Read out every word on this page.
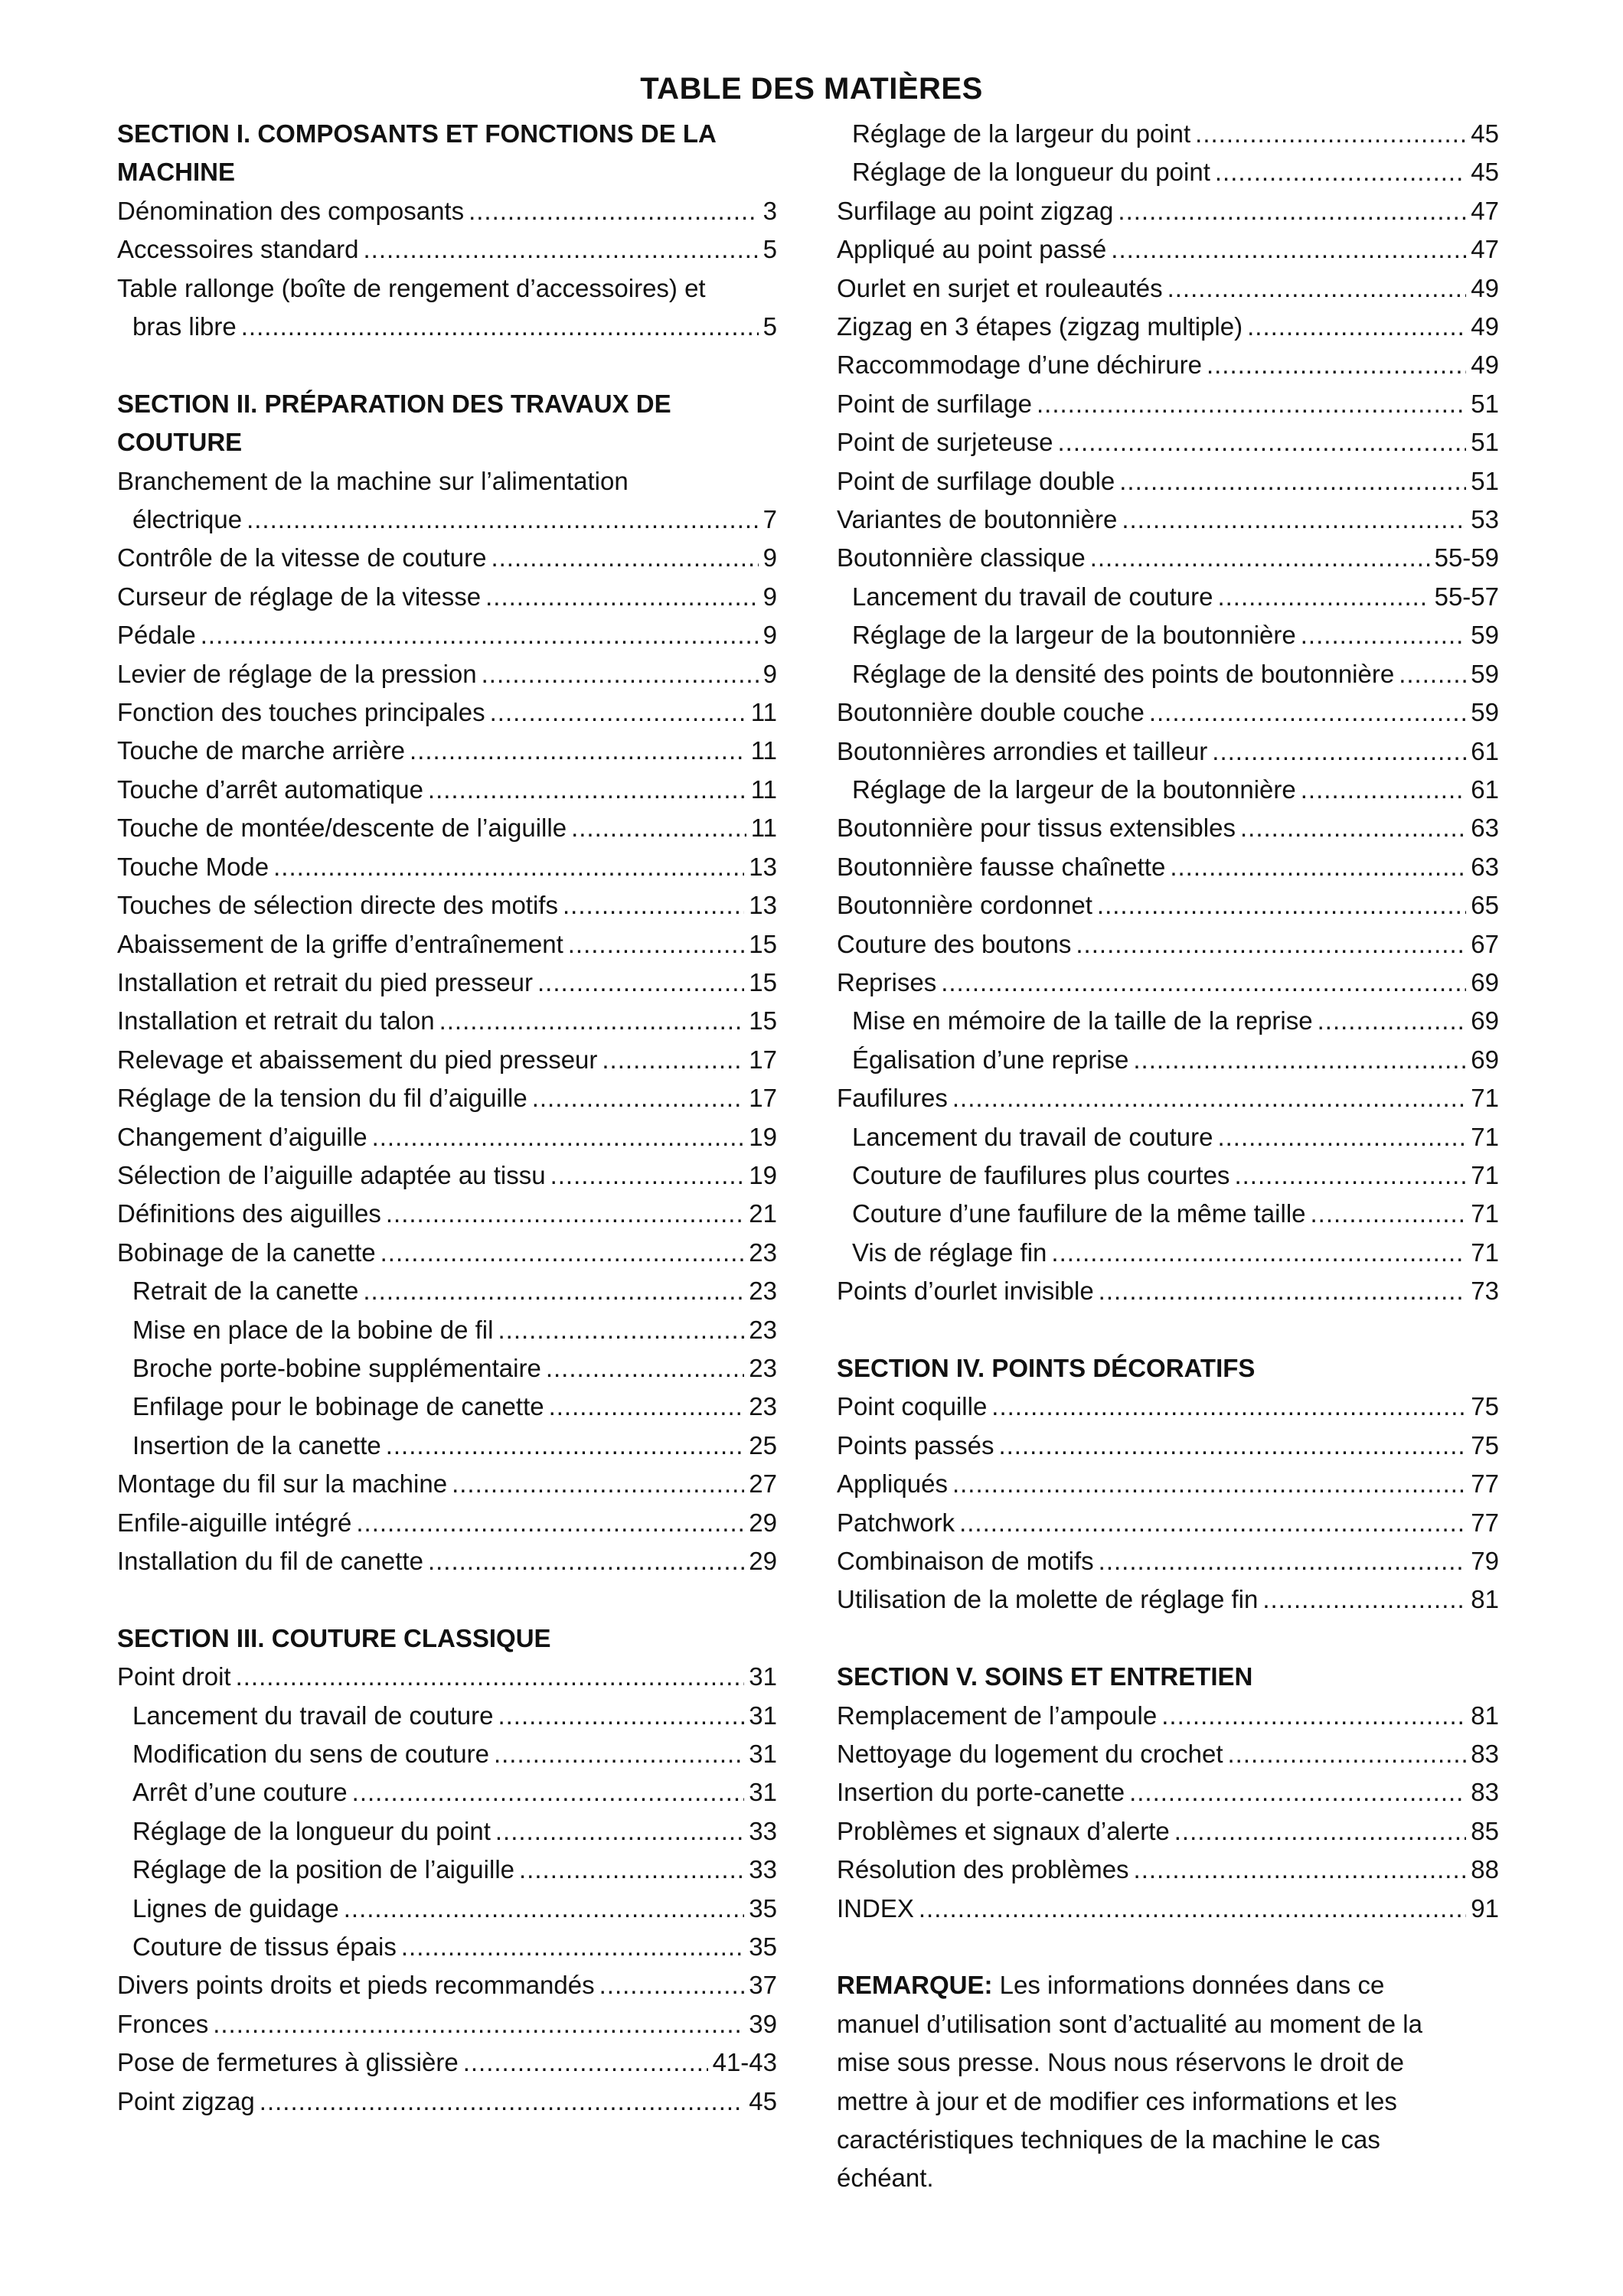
TABLE DES MATIÈRES
SECTION I. COMPOSANTS ET FONCTIONS DE LA
MACHINE
Dénomination des composants .....	3
Accessoires standard .....	5
Table rallonge (boîte de rengement d’accessoires) et
bras libre .....	5
SECTION II. PRÉPARATION DES TRAVAUX DE
COUTURE
Branchement de la machine sur l’alimentation
électrique .....	7
Contrôle de la vitesse de couture .....	9
Curseur de réglage de la vitesse .....	9
Pédale .....	9
Levier de réglage de la pression .....	9
Fonction des touches principales .....	11
Touche de marche arrière .....	11
Touche d’arrêt automatique .....	11
Touche de montée/descente de l’aiguille .....	11
Touche Mode .....	13
Touches de sélection directe des motifs .....	13
Abaissement de la griffe d’entraînement .....	15
Installation et retrait du pied presseur .....	15
Installation et retrait du talon .....	15
Relevage et abaissement du pied presseur .....	17
Réglage de la tension du fil d’aiguille .....	17
Changement d’aiguille .....	19
Sélection de l’aiguille adaptée au tissu .....	19
Définitions des aiguilles .....	21
Bobinage de la canette .....	23
Retrait de la canette .....	23
Mise en place de la bobine de fil .....	23
Broche porte-bobine supplémentaire .....	23
Enfilage pour le bobinage de canette .....	23
Insertion de la canette .....	25
Montage du fil sur la machine .....	27
Enfile-aiguille intégré .....	29
Installation du fil de canette .....	29
SECTION III. COUTURE CLASSIQUE
Point droit .....	31
Lancement du travail de couture .....	31
Modification du sens de couture .....	31
Arrêt d’une couture .....	31
Réglage de la longueur du point .....	33
Réglage de la position de l’aiguille .....	33
Lignes de guidage .....	35
Couture de tissus épais .....	35
Divers points droits et pieds recommandés .....	37
Fronces .....	39
Pose de fermetures à glissière .....	41-43
Point zigzag .....	45
Réglage de la largeur du point .....	45
Réglage de la longueur du point .....	45
Surfilage au point zigzag .....	47
Appliqué au point passé .....	47
Ourlet en surjet et rouleautés .....	49
Zigzag en 3 étapes (zigzag multiple) .....	49
Raccommodage d’une déchirure .....	49
Point de surfilage .....	51
Point de surjeteuse .....	51
Point de surfilage double .....	51
Variantes de boutonnière .....	53
Boutonnière classique .....	55-59
Lancement du travail de couture .....	55-57
Réglage de la largeur de la boutonnière .....	59
Réglage de la densité des points de boutonnière .....	59
Boutonnière double couche .....	59
Boutonnières arrondies et tailleur .....	61
Réglage de la largeur de la boutonnière .....	61
Boutonnière pour tissus extensibles .....	63
Boutonnière fausse chaînette .....	63
Boutonnière cordonnet .....	65
Couture des boutons .....	67
Reprises .....	69
Mise en mémoire de la taille de la reprise .....	69
Égalisation d’une reprise .....	69
Faufilures .....	71
Lancement du travail de couture .....	71
Couture de faufilures plus courtes .....	71
Couture d’une faufilure de la même taille .....	71
Vis de réglage fin .....	71
Points d’ourlet invisible .....	73
SECTION IV. POINTS DÉCORATIFS
Point coquille .....	75
Points passés .....	75
Appliqués .....	77
Patchwork .....	77
Combinaison de motifs .....	79
Utilisation de la molette de réglage fin .....	81
SECTION V. SOINS ET ENTRETIEN
Remplacement de l’ampoule .....	81
Nettoyage du logement du crochet .....	83
Insertion du porte-canette .....	83
Problèmes et signaux d’alerte .....	85
Résolution des problèmes .....	88
INDEX .....	91
REMARQUE: Les informations données dans ce
manuel d’utilisation sont d’actualité au moment de la
mise sous presse. Nous nous réservons le droit de
mettre à jour et de modifier ces informations et les
caractéristiques techniques de la machine le cas
échéant.
